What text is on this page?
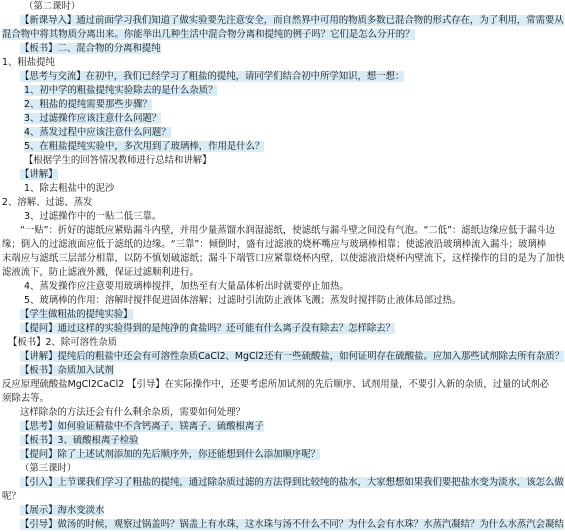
（第二课时）
【新课导入】通过前面学习我们知道了做实验要先注意安全，而自然界中可用的物质多数已混合物的形式存在，为了利用，常需要从
混合物中将其物质分离出来。你能举出几种生活中混合物分离和提纯的例子吗？它们是怎么分开的？
【板书】二、混合物的分离和提纯
1、粗盐提纯
【思考与交流】在初中，我们已经学习了粗盐的提纯，请同学们结合初中所学知识，想一想：
1、初中学的粗盐提纯实验除去的是什么杂质？
2、粗盐的提纯需要那些步骤？
3、过滤操作应该注意什么问题？
4、蒸发过程中应该注意什么问题？
5、在粗盐提纯实验中，多次用到了玻璃棒，作用是什么？
【根据学生的回答情况教师进行总结和讲解】
【讲解】
1、除去粗盐中的泥沙
2、溶解、过滤、蒸发
3、过滤操作中的一贴二低三靠。
“一贴”：折好的滤纸应紧贴漏斗内壁，并用少量蒸馏水润湿滤纸，使滤纸与漏斗壁之间没有气泡。“二低”：滤纸边缘应低于漏斗边
缘；倒入的过滤液面应低于滤纸的边缘。“三靠”：倾倒时，盛有过滤液的烧杯嘴应与玻璃棒相靠；使滤液沿玻璃棒流入漏斗；玻璃棒
末端应与滤纸三层部分相靠，以防不慎划破滤纸；漏斗下端管口应紧靠烧杯内壁，以使滤液沿烧杯内壁流下，这样操作的目的是为了加快
滤液流下，防止滤液外溅，保证过滤顺利进行。
4、蒸发操作应注意要用玻璃棒搅拌，加热至有大量晶体析出时就要停止加热。
5、玻璃棒的作用：溶解时搅拌促进固体溶解；过滤时引流防止液体飞溅；蒸发时搅拌防止液体局部过热。
【学生做粗盐的提纯实验】
【提问】通过这样的实验得到的是纯净的食盐吗？还可能有什么离子没有除去？怎样除去？
【板书】2、除可溶性杂质
【讲解】提纯后的粗盐中还会有可溶性杂质CaCl2、MgCl2还有一些硫酸盐，如何证明存在硫酸盐。应加入那些试剂除去所有杂质？
【板书】杂质加入试剂
反应原理硫酸盐MgCl2CaCl2 【引导】在实际操作中，还要考虑所加试剂的先后顺序、试剂用量，不要引入新的杂质，过量的试剂必
须除去等。
这样除杂的方法还会有什么剩余杂质，需要如何处理？
【思考】如何验证精盐中不含钙离子、镁离子、硫酸根离子
【板书】3、硫酸根离子检验
【提问】除了上述试剂添加的先后顺序外，你还能想到什么添加顺序呢？
（第三课时）
【引入】上节课我们学习了粗盐的提纯，通过除杂质过滤的方法得到比较纯的盐水，大家想想如果我们要把盐水变为淡水，该怎么做
呢？
【展示】海水变淡水
【引导】做汤的时候，观察过锅盖吗？锅盖上有水珠，这水珠与汤不什么不同？为什么会有水珠？水蒸汽凝结？为什么水蒸汽会凝结
